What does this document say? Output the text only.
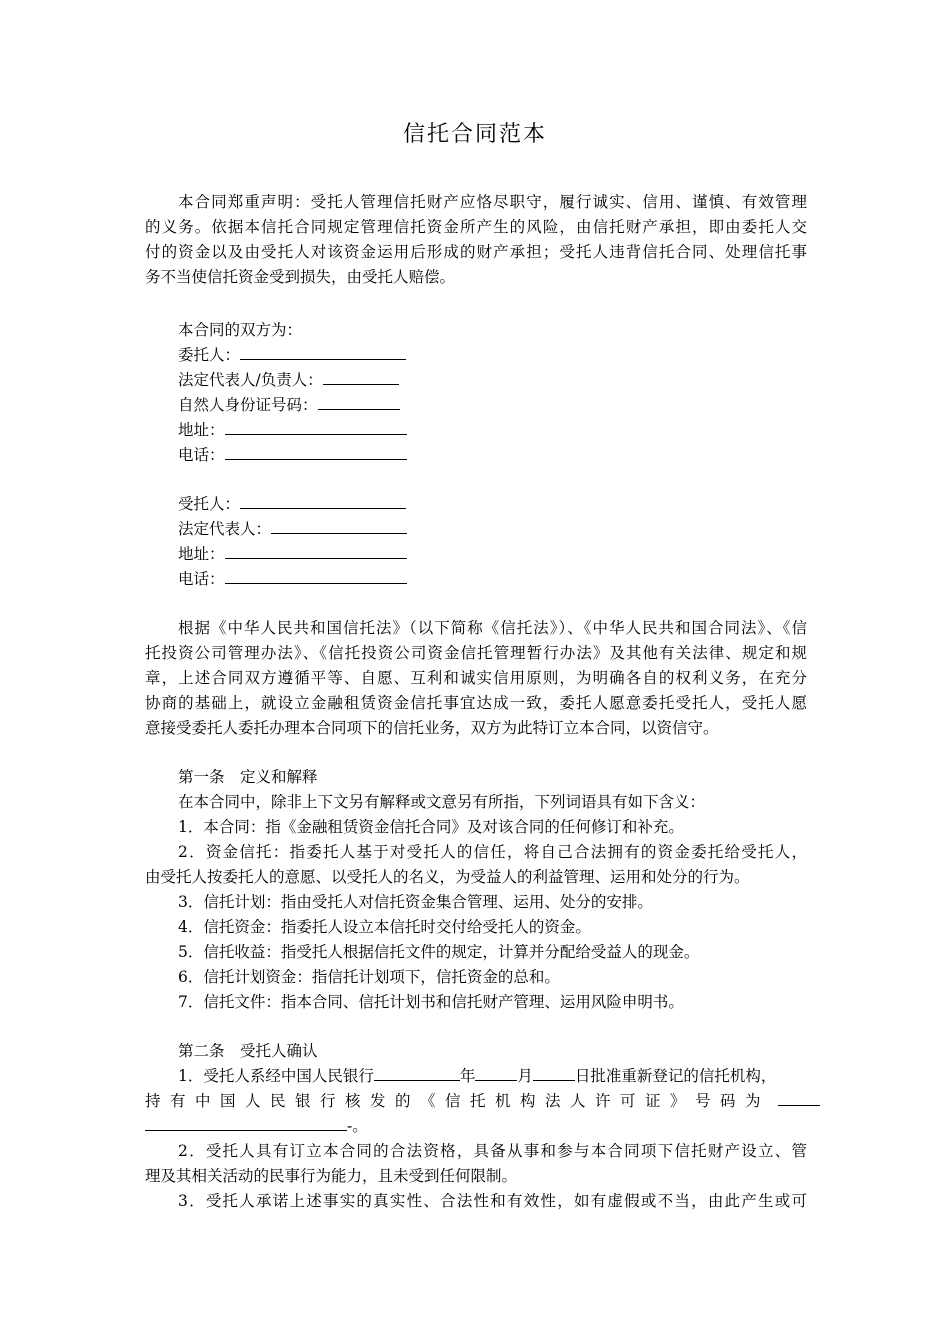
信托合同范本
本合同郑重声明：受托人管理信托财产应恪尽职守，履行诚实、信用、谨慎、有效管理
的义务。依据本信托合同规定管理信托资金所产生的风险，由信托财产承担，即由委托人交
付的资金以及由受托人对该资金运用后形成的财产承担；受托人违背信托合同、处理信托事
务不当使信托资金受到损失，由受托人赔偿。
本合同的双方为：
委托人：
法定代表人/负责人：
自然人身份证号码：
地址：
电话：
受托人：
法定代表人：
地址：
电话：
根据《中华人民共和国信托法》（以下简称《信托法》）、《中华人民共和国合同法》、《信
托投资公司管理办法》、《信托投资公司资金信托管理暂行办法》及其他有关法律、规定和规
章，上述合同双方遵循平等、自愿、互利和诚实信用原则，为明确各自的权利义务，在充分
协商的基础上，就设立金融租赁资金信托事宜达成一致，委托人愿意委托受托人，受托人愿
意接受委托人委托办理本合同项下的信托业务，双方为此特订立本合同，以资信守。
第一条　定义和解释
在本合同中，除非上下文另有解释或文意另有所指，下列词语具有如下含义：
1．本合同：指《金融租赁资金信托合同》及对该合同的任何修订和补充。
2．资金信托：指委托人基于对受托人的信任，将自己合法拥有的资金委托给受托人，
由受托人按委托人的意愿、以受托人的名义，为受益人的利益管理、运用和处分的行为。
3．信托计划：指由受托人对信托资金集合管理、运用、处分的安排。
4．信托资金：指委托人设立本信托时交付给受托人的资金。
5．信托收益：指受托人根据信托文件的规定，计算并分配给受益人的现金。
6．信托计划资金：指信托计划项下，信托资金的总和。
7．信托文件：指本合同、信托计划书和信托财产管理、运用风险申明书。
第二条　受托人确认
1．受托人系经中国人民银行	年	月	日批准重新登记的信托机构，
持有中国人民银行核发的《信托机构法人许可证》号码为
-。
2．受托人具有订立本合同的合法资格，具备从事和参与本合同项下信托财产设立、管
理及其相关活动的民事行为能力，且未受到任何限制。
3．受托人承诺上述事实的真实性、合法性和有效性，如有虚假或不当，由此产生或可
